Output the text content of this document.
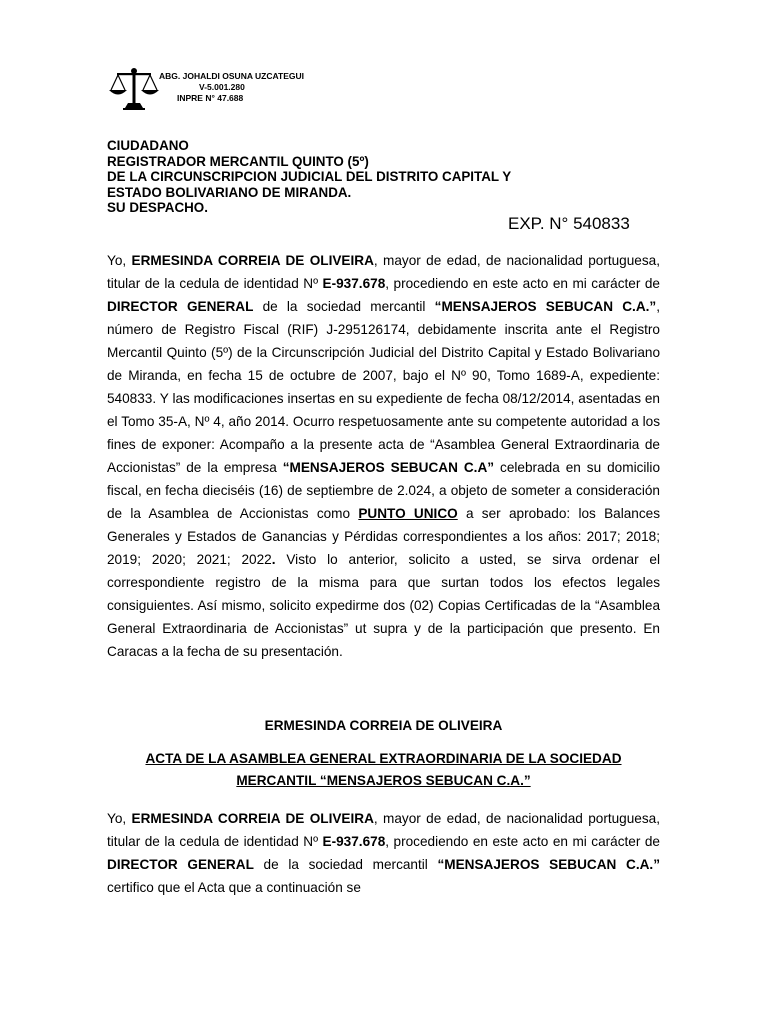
ABG. JOHALDI OSUNA UZCATEGUI
V-5.001.280
INPRE N° 47.688
CIUDADANO
REGISTRADOR MERCANTIL QUINTO (5º)
DE LA CIRCUNSCRIPCION JUDICIAL DEL DISTRITO CAPITAL Y
ESTADO BOLIVARIANO DE MIRANDA.
SU DESPACHO.
EXP. N° 540833
Yo, ERMESINDA CORREIA DE OLIVEIRA, mayor de edad, de nacionalidad portuguesa, titular de la cedula de identidad Nº E-937.678, procediendo en este acto en mi carácter de DIRECTOR GENERAL de la sociedad mercantil “MENSAJEROS SEBUCAN C.A.”, número de Registro Fiscal (RIF) J-295126174, debidamente inscrita ante el Registro Mercantil Quinto (5º) de la Circunscripción Judicial del Distrito Capital y Estado Bolivariano de Miranda, en fecha 15 de octubre de 2007, bajo el Nº 90, Tomo 1689-A, expediente: 540833. Y las modificaciones insertas en su expediente de fecha 08/12/2014, asentadas en el Tomo 35-A, Nº 4, año 2014. Ocurro respetuosamente ante su competente autoridad a los fines de exponer: Acompaño a la presente acta de “Asamblea General Extraordinaria de Accionistas” de la empresa “MENSAJEROS SEBUCAN C.A” celebrada en su domicilio fiscal, en fecha dieciséis (16) de septiembre de 2.024, a objeto de someter a consideración de la Asamblea de Accionistas como PUNTO UNICO a ser aprobado: los Balances Generales y Estados de Ganancias y Pérdidas correspondientes a los años: 2017; 2018; 2019; 2020; 2021; 2022. Visto lo anterior, solicito a usted, se sirva ordenar el correspondiente registro de la misma para que surtan todos los efectos legales consiguientes. Así mismo, solicito expedirme dos (02) Copias Certificadas de la “Asamblea General Extraordinaria de Accionistas” ut supra y de la participación que presento. En Caracas a la fecha de su presentación.
ERMESINDA CORREIA DE OLIVEIRA
ACTA DE LA ASAMBLEA GENERAL EXTRAORDINARIA DE LA SOCIEDAD
MERCANTIL “MENSAJEROS SEBUCAN C.A.”
Yo, ERMESINDA CORREIA DE OLIVEIRA, mayor de edad, de nacionalidad portuguesa, titular de la cedula de identidad Nº E-937.678, procediendo en este acto en mi carácter de DIRECTOR GENERAL de la sociedad mercantil “MENSAJEROS SEBUCAN C.A.” certifico que el Acta que a continuación se
